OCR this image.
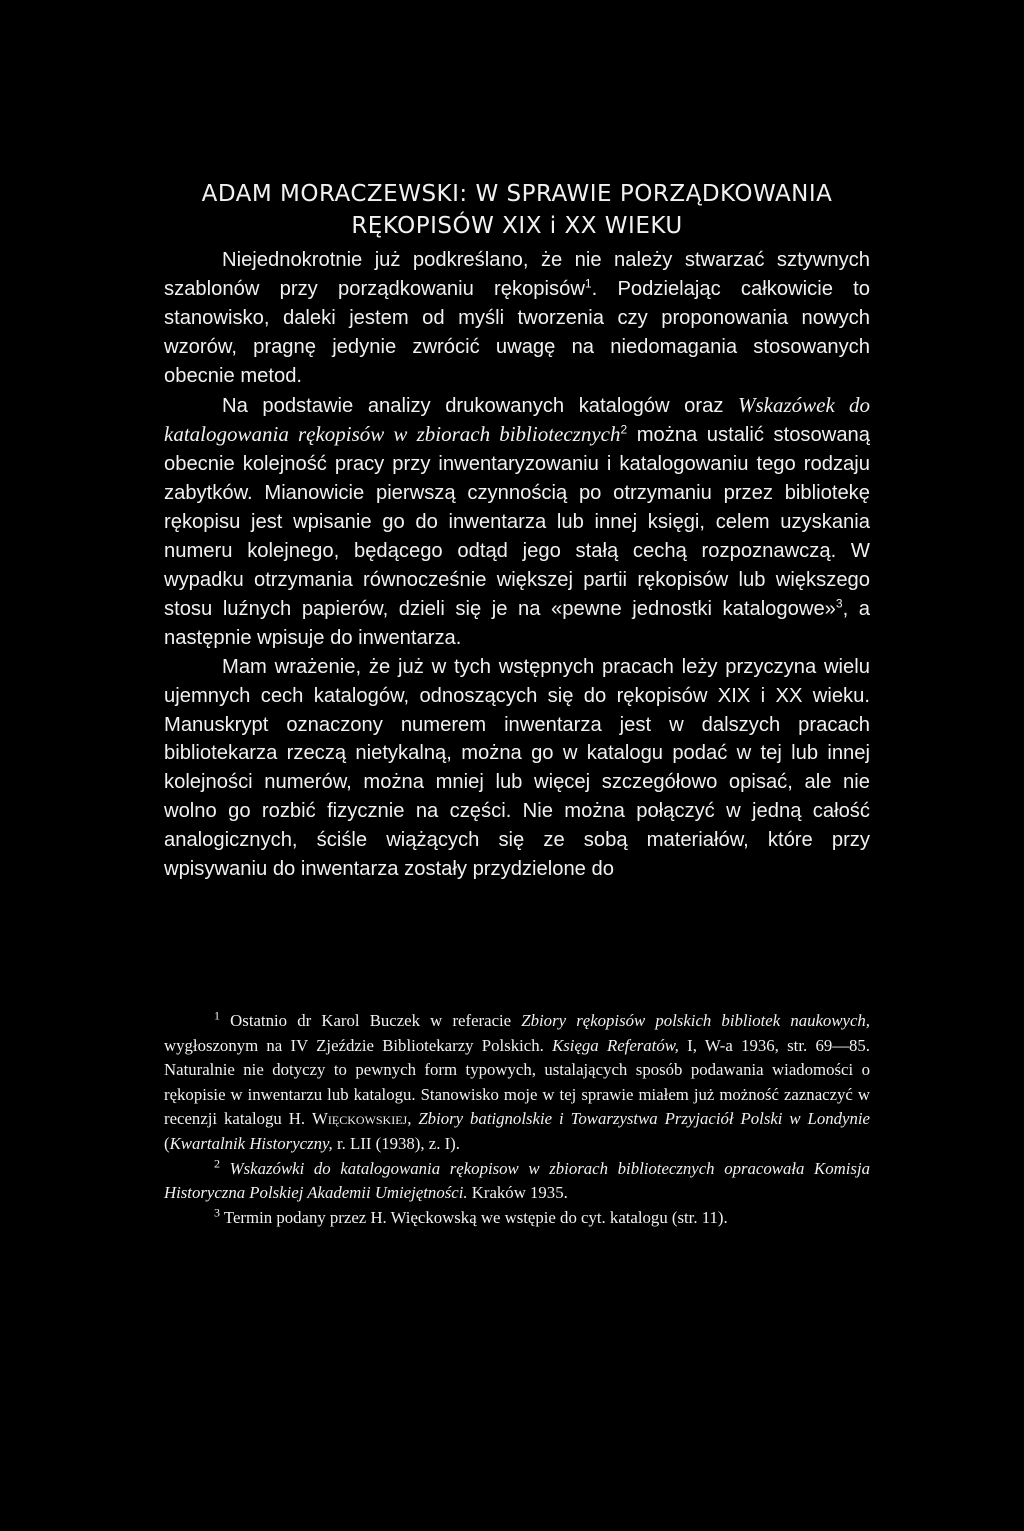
ADAM MORACZEWSKI: W SPRAWIE PORZĄDKOWANIA
RĘKOPISÓW XIX i XX WIEKU

Niejednokrotnie już podkreślano, że nie należy stwarzać sztywnych szablonów przy porządkowaniu rękopisów$^1$. Podzielając całkowicie to stanowisko, daleki jestem od myśli tworzenia czy proponowania nowych wzorów, pragnę jedynie zwrócić uwagę na niedomagania stosowanych obecnie metod.

Na podstawie analizy drukowanych katalogów oraz Wskazówek do katalogowania rękopisów w zbiorach bibliotecznych$^2$ można ustalić stosowaną obecnie kolejność pracy przy inwentaryzowaniu i katalogowaniu tego rodzaju zabytków. Mianowicie pierwszą czynnością po otrzymaniu przez bibliotekę rękopisu jest wpisanie go do inwentarza lub innej księgi, celem uzyskania numeru kolejnego, będącego odtąd jego stałą cechą rozpoznawczą. W wypadku otrzymania równocześnie większej partii rękopisów lub większego stosu luźnych papierów, dzieli się je na «pewne jednostki katalogowe»$^3$, a następnie wpisuje do inwentarza.

Mam wrażenie, że już w tych wstępnych pracach leży przyczyna wielu ujemnych cech katalogów, odnoszących się do rękopisów XIX i XX wieku. Manuskrypt oznaczony numerem inwentarza jest w dalszych pracach bibliotekarza rzeczą nietykalną, można go w katalogu podać w tej lub innej kolejności numerów, można mniej lub więcej szczegółowo opisać, ale nie wolno go rozbić fizycznie na części. Nie można połączyć w jedną całość analogicznych, ściśle wiążących się ze sobą materiałów, które przy wpisywaniu do inwentarza zostały przydzielone do

$^1$ Ostatnio dr Karol Buczek w referacie Zbiory rękopisów polskich bibliotek naukowych, wygłoszonym na IV Zjeździe Bibliotekarzy Polskich. Księga Referatów, I, W-a 1936, str. 69—85. Naturalnie nie dotyczy to pewnych form typowych, ustalających sposób podawania wiadomości o rękopisie w inwentarzu lub katalogu. Stanowisko moje w tej sprawie miałem już możność zaznaczyć w recenzji katalogu H. Więckowskiej, Zbiory batignolskie i Towarzystwa Przyjaciół Polski w Londynie (Kwartalnik Historyczny, r. LII (1938), z. I).

$^2$ Wskazówki do katalogowania rękopisow w zbiorach bibliotecznych opracowała Komisja Historyczna Polskiej Akademii Umiejętności. Kraków 1935.

$^3$ Termin podany przez H. Więckowską we wstępie do cyt. katalogu (str. 11).
